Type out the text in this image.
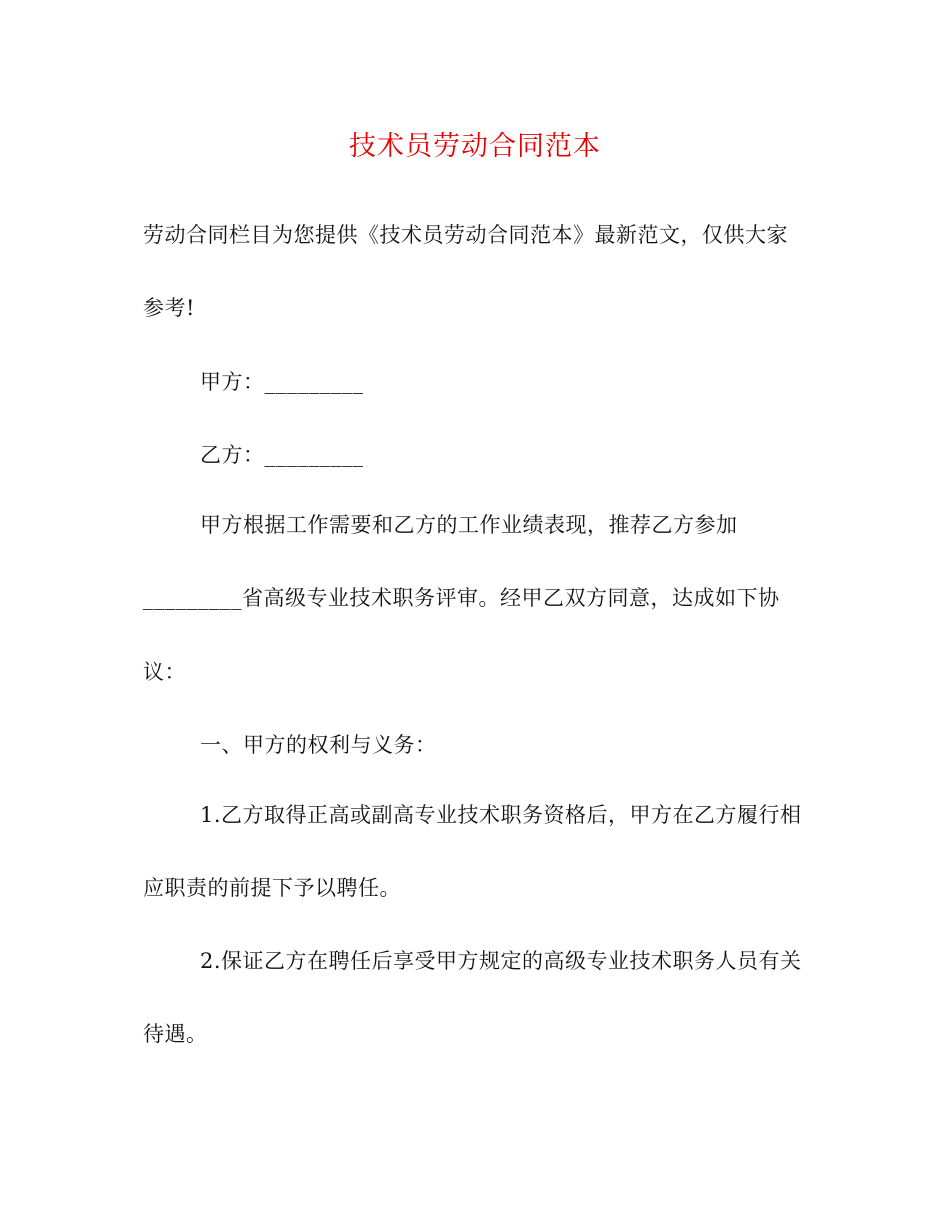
技术员劳动合同范本
劳动合同栏目为您提供《技术员劳动合同范本》最新范文，仅供大家
参考!
甲方：_________
乙方：_________
甲方根据工作需要和乙方的工作业绩表现，推荐乙方参加
_________省高级专业技术职务评审。经甲乙双方同意，达成如下协
议：
一、甲方的权利与义务：
1.乙方取得正高或副高专业技术职务资格后，甲方在乙方履行相
应职责的前提下予以聘任。
2.保证乙方在聘任后享受甲方规定的高级专业技术职务人员有关
待遇。
